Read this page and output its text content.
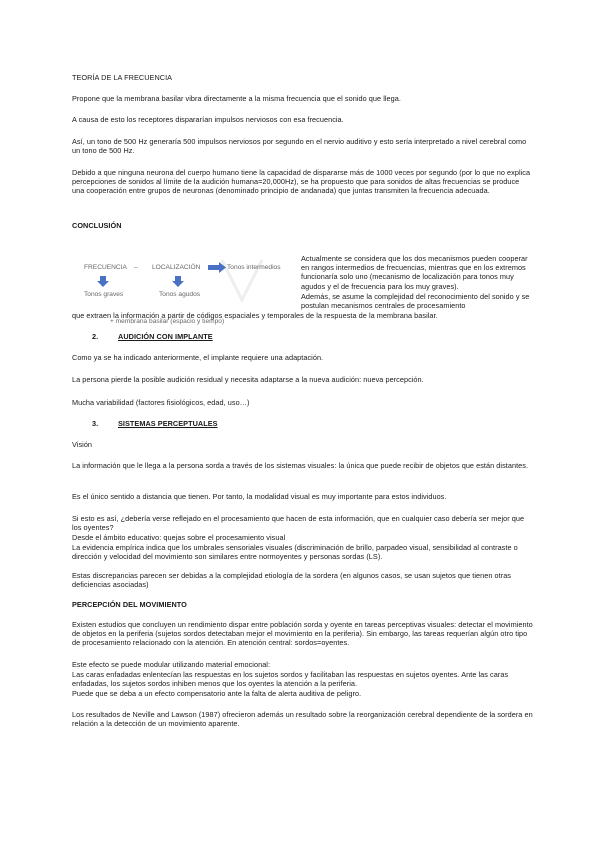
TEORÍA DE LA FRECUENCIA

Propone que la membrana basilar vibra directamente a la misma frecuencia que el sonido que llega.

A causa de esto los receptores dispararían impulsos nerviosos con esa frecuencia.

Así, un tono de 500 Hz generaría 500 impulsos nerviosos por segundo en el nervio auditivo y esto sería interpretado a nivel cerebral como un tono de 500 Hz.

Debido a que ninguna neurona del cuerpo humano tiene la capacidad de dispararse más de 1000 veces por segundo (por lo que no explica percepciones de sonidos al límite de la audición humana=20,000Hz), se ha propuesto que para sonidos de altas frecuencias se produce una cooperación entre grupos de neuronas (denominado principio de andanada) que juntas transmiten la frecuencia adecuada.

CONCLUSIÓN

FRECUENCIA – LOCALIZACIÓN	Tonos intermedios
Tonos graves	Tonos agudos
+ membrana basilar (espacio y tiempo)

Actualmente se considera que los dos mecanismos pueden cooperar en rangos intermedios de frecuencias, mientras que en los extremos funcionaría solo uno (mecanismo de localización para tonos muy agudos y el de frecuencia para los muy graves).

Además, se asume la complejidad del reconocimiento del sonido y se postulan mecanismos centrales de procesamiento

que extraen la información a partir de códigos espaciales y temporales de la respuesta de la membrana basilar.

2.	AUDICIÓN CON IMPLANTE

Como ya se ha indicado anteriormente, el implante requiere una adaptación.

La persona pierde la posible audición residual y necesita adaptarse a la nueva audición: nueva percepción.

Mucha variabilidad (factores fisiológicos, edad, uso…)

3.	SISTEMAS PERCEPTUALES

Visión

La información que le llega a la persona sorda a través de los sistemas visuales: la única que puede recibir de objetos que están distantes.

Es el único sentido a distancia que tienen. Por tanto, la modalidad visual es muy importante para estos individuos.

Si esto es así, ¿debería verse reflejado en el procesamiento que hacen de esta información, que en cualquier caso debería ser mejor que los oyentes?

Desde el ámbito educativo: quejas sobre el procesamiento visual

La evidencia empírica indica que los umbrales sensoriales visuales (discriminación de brillo, parpadeo visual, sensibilidad al contraste o dirección y velocidad del movimiento son similares entre normoyentes y personas sordas (LS).

Estas discrepancias parecen ser debidas a la complejidad etiología de la sordera (en algunos casos, se usan sujetos que tienen otras deficiencias asociadas)

PERCEPCIÓN DEL MOVIMIENTO

Existen estudios que concluyen un rendimiento dispar entre población sorda y oyente en tareas perceptivas visuales: detectar el movimiento de objetos en la periferia (sujetos sordos detectaban mejor el movimiento en la periferia). Sin embargo, las tareas requerían algún otro tipo de procesamiento relacionado con la atención. En atención central: sordos=oyentes.

Este efecto se puede modular utilizando material emocional:

Las caras enfadadas enlentecían las respuestas en los sujetos sordos y facilitaban las respuestas en sujetos oyentes. Ante las caras enfadadas, los sujetos sordos inhiben menos que los oyentes la atención a la periferia.

Puede que se deba a un efecto compensatorio ante la falta de alerta auditiva de peligro.

Los resultados de Neville and Lawson (1987) ofrecieron además un resultado sobre la reorganización cerebral dependiente de la sordera en relación a la detección de un movimiento aparente.
